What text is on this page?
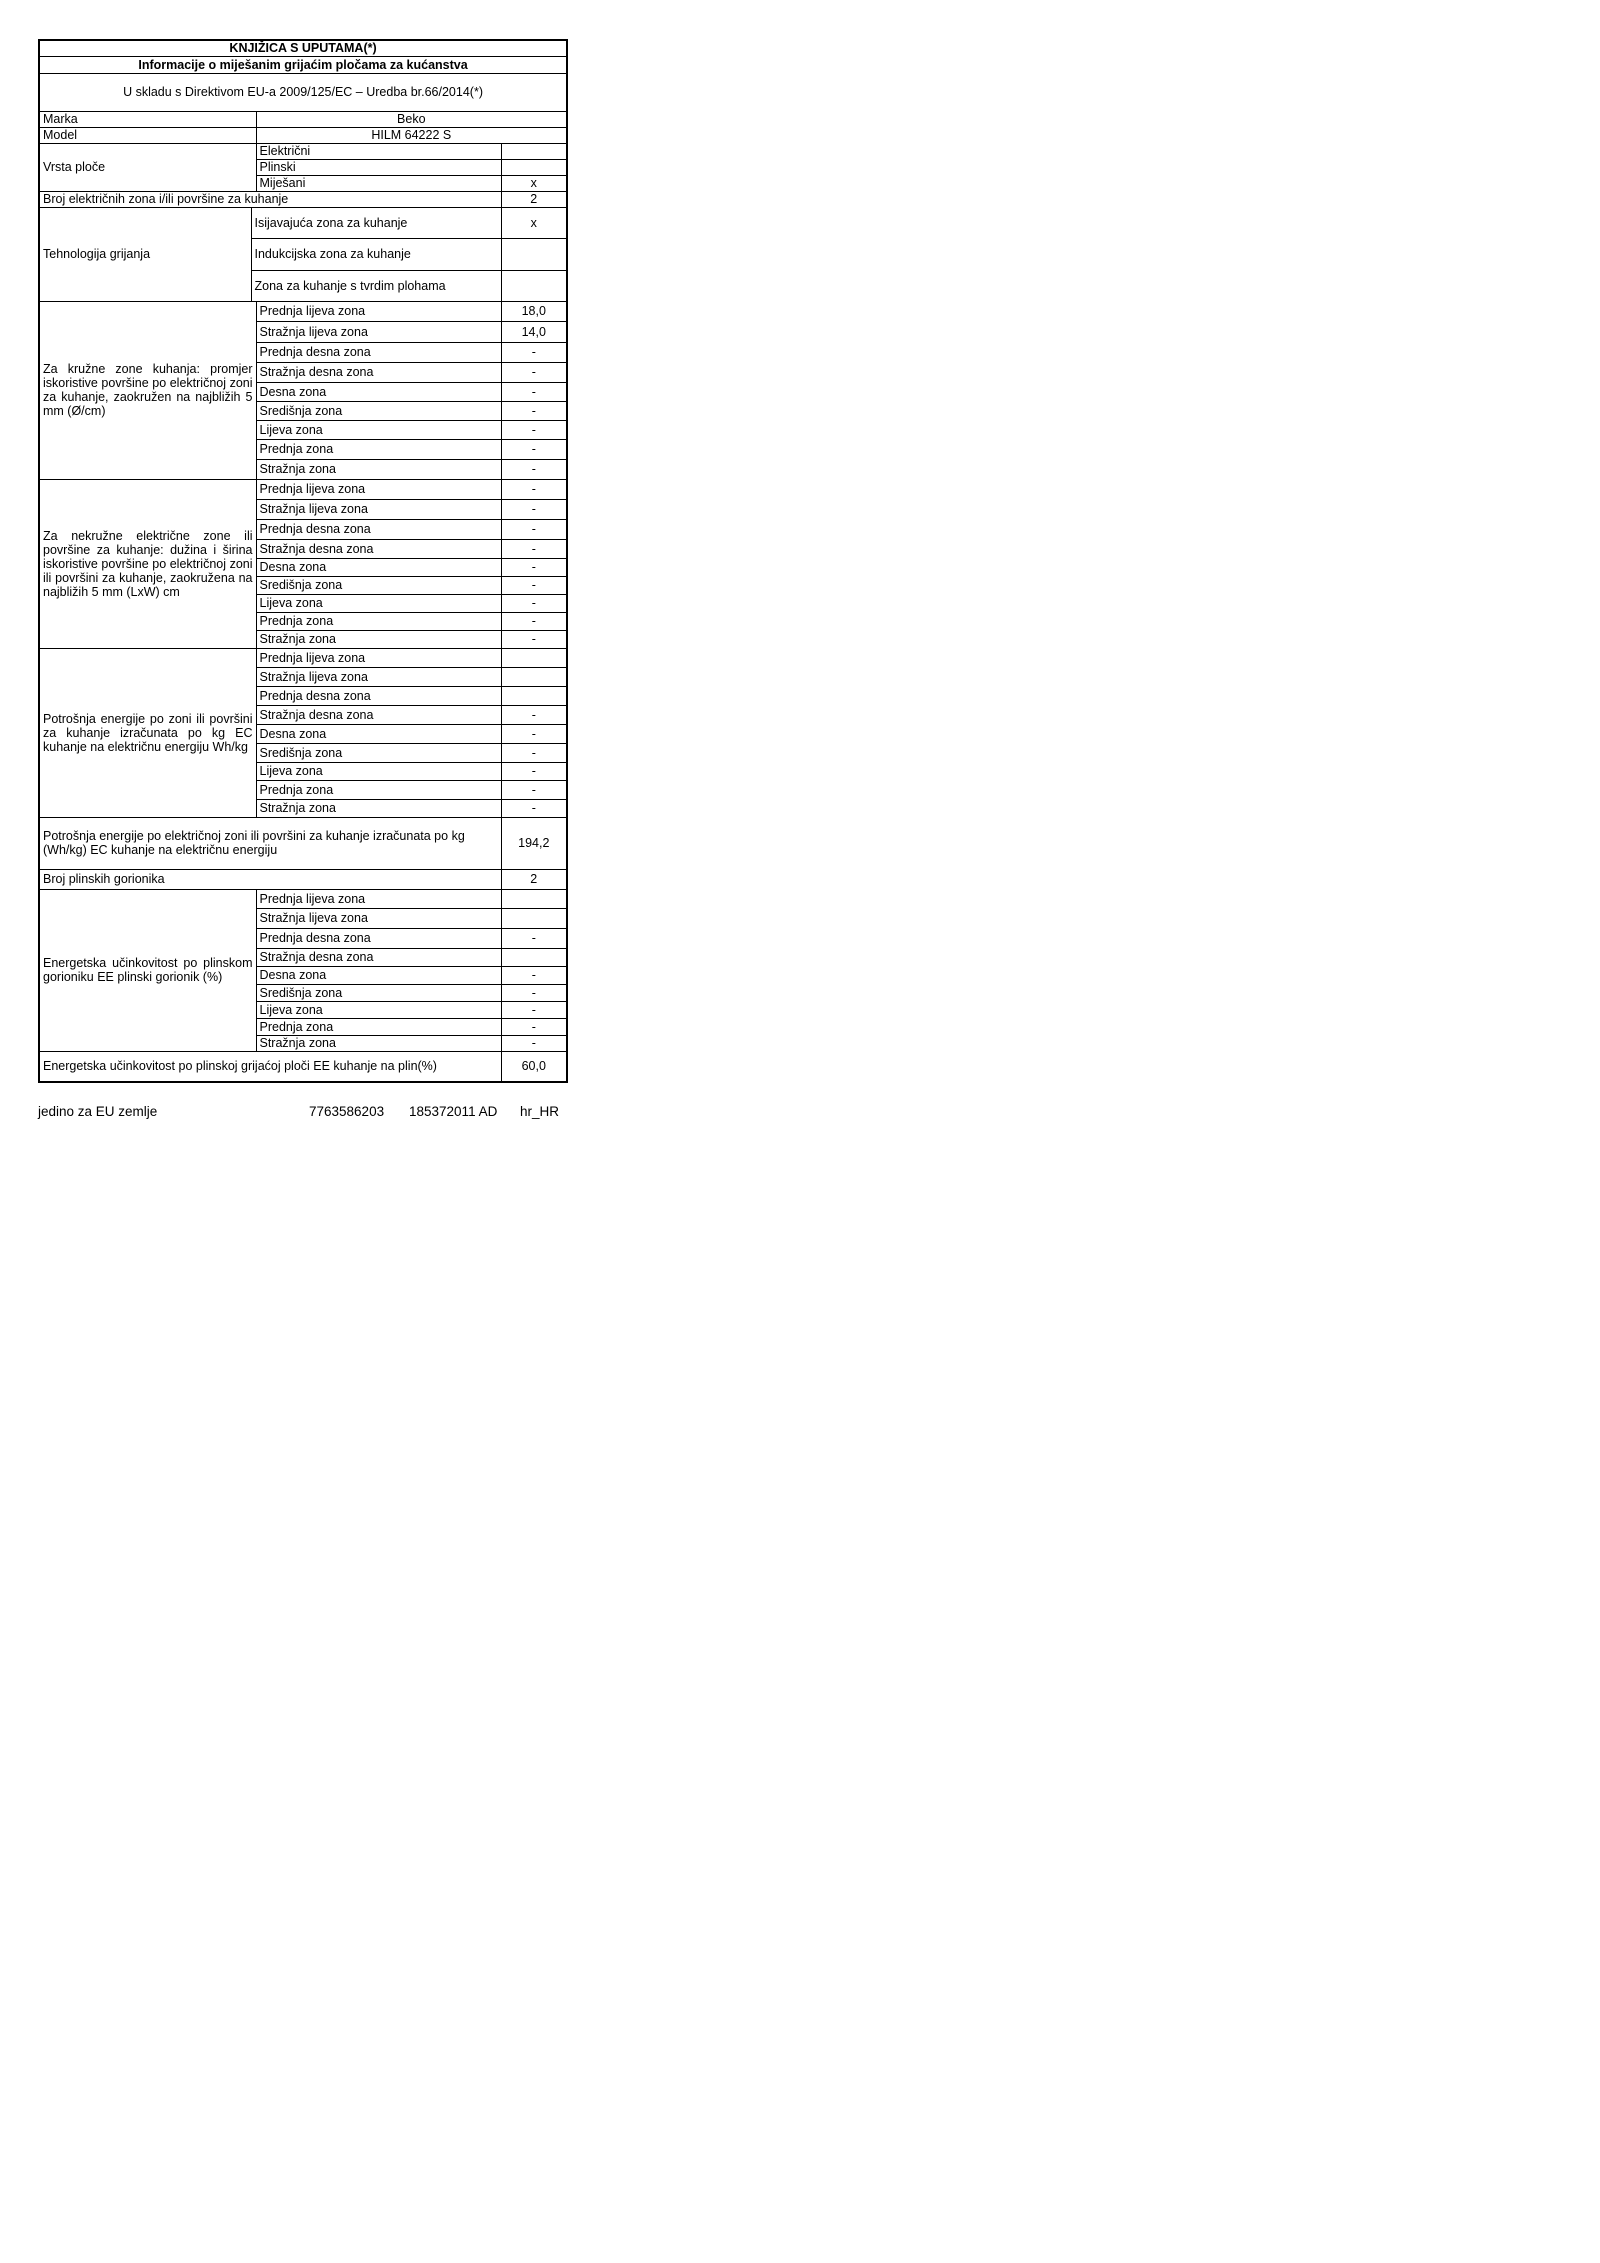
KNJIŽICA S UPUTAMA(*)			
Informacije o miješanim grijaćim pločama za kućanstva			
U skladu s Direktivom EU-a 2009/125/EC – Uredba br.66/2014(*)			
Marka		Beko	
Model		HILM 64222 S	
Vrsta ploče		Električni	
		Plinski	
		Miješani	x
Broj električnih zona i/ili površine za kuhanje			2
Tehnologija grijanja	Isijavajuća zona za kuhanje		x
	Indukcijska zona za kuhanje		
	Zona za kuhanje s tvrdim plohama		
Za kružne zone kuhanja: promjer iskoristive površine po električnoj zoni za kuhanje, zaokružen na najbližih 5 mm (Ø/cm)		Prednja lijeva zona	18,0
		Stražnja lijeva zona	14,0
		Prednja desna zona	-
		Stražnja desna zona	-
		Desna zona	-
		Središnja zona	-
		Lijeva zona	-
		Prednja zona	-
		Stražnja zona	-
Za nekružne električne zone ili površine za kuhanje: dužina i širina iskoristive površine po električnoj zoni ili površini za kuhanje, zaokružena na najbližih 5 mm (LxW) cm		Prednja lijeva zona	-
		Stražnja lijeva zona	-
		Prednja desna zona	-
		Stražnja desna zona	-
		Desna zona	-
		Središnja zona	-
		Lijeva zona	-
		Prednja zona	-
		Stražnja zona	-
Potrošnja energije po zoni ili površini za kuhanje izračunata po kg EC kuhanje na električnu energiju Wh/kg		Prednja lijeva zona	
		Stražnja lijeva zona	
		Prednja desna zona	
		Stražnja desna zona	-
		Desna zona	-
		Središnja zona	-
		Lijeva zona	-
		Prednja zona	-
		Stražnja zona	-
Potrošnja energije po električnoj zoni ili površini za kuhanje izračunata po kg (Wh/kg) EC kuhanje na električnu energiju			194,2
Broj plinskih gorionika			2
Energetska učinkovitost po plinskom gorioniku EE plinski gorionik (%)		Prednja lijeva zona	
		Stražnja lijeva zona	
		Prednja desna zona	-
		Stražnja desna zona	
		Desna zona	-
		Središnja zona	-
		Lijeva zona	-
		Prednja zona	-
		Stražnja zona	-
Energetska učinkovitost po plinskoj grijaćoj ploči EE kuhanje na plin(%)			60,0
jedino za EU zemlje	7763586203 185372011 AD hr_HR
